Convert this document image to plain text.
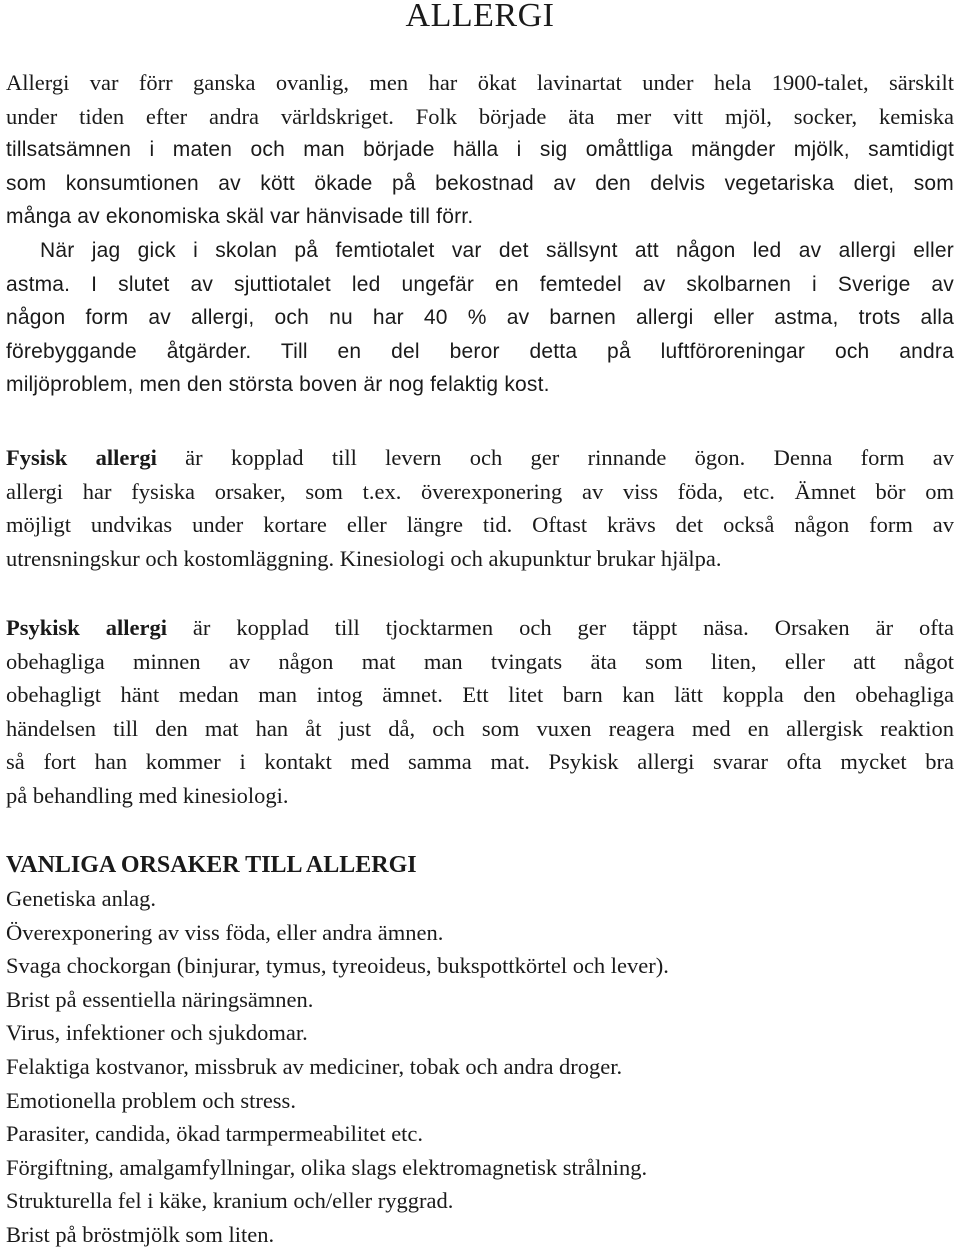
ALLERGI
Allergi var förr ganska ovanlig, men har ökat lavinartat under hela 1900-talet, särskilt
under tiden efter andra världskriget. Folk började äta mer vitt mjöl, socker, kemiska
tillsatsämnen i maten och man började hälla i sig omåttliga mängder mjölk, samtidigt
som konsumtionen av kött ökade på bekostnad av den delvis vegetariska diet, som
många av ekonomiska skäl var hänvisade till förr.
När jag gick i skolan på femtiotalet var det sällsynt att någon led av allergi eller
astma. I slutet av sjuttiotalet led ungefär en femtedel av skolbarnen i Sverige av
någon form av allergi, och nu har 40 % av barnen allergi eller astma, trots alla
förebyggande åtgärder. Till en del beror detta på luftföroreningar och andra
miljöproblem, men den största boven är nog felaktig kost.
Fysisk allergi är kopplad till levern och ger rinnande ögon. Denna form av
allergi har fysiska orsaker, som t.ex. överexponering av viss föda, etc. Ämnet bör om
möjligt undvikas under kortare eller längre tid. Oftast krävs det också någon form av
utrensningskur och kostomläggning. Kinesiologi och akupunktur brukar hjälpa.
Psykisk allergi är kopplad till tjocktarmen och ger täppt näsa. Orsaken är ofta
obehagliga minnen av någon mat man tvingats äta som liten, eller att något
obehagligt hänt medan man intog ämnet. Ett litet barn kan lätt koppla den obehagliga
händelsen till den mat han åt just då, och som vuxen reagera med en allergisk reaktion
så fort han kommer i kontakt med samma mat. Psykisk allergi svarar ofta mycket bra
på behandling med kinesiologi.
VANLIGA ORSAKER TILL ALLERGI
Genetiska anlag.
Överexponering av viss föda, eller andra ämnen.
Svaga chockorgan (binjurar, tymus, tyreoideus, bukspottkörtel och lever).
Brist på essentiella näringsämnen.
Virus, infektioner och sjukdomar.
Felaktiga kostvanor, missbruk av mediciner, tobak och andra droger.
Emotionella problem och stress.
Parasiter, candida, ökad tarmpermeabilitet etc.
Förgiftning, amalgamfyllningar, olika slags elektromagnetisk strålning.
Strukturella fel i käke, kranium och/eller ryggrad.
Brist på bröstmjölk som liten.
